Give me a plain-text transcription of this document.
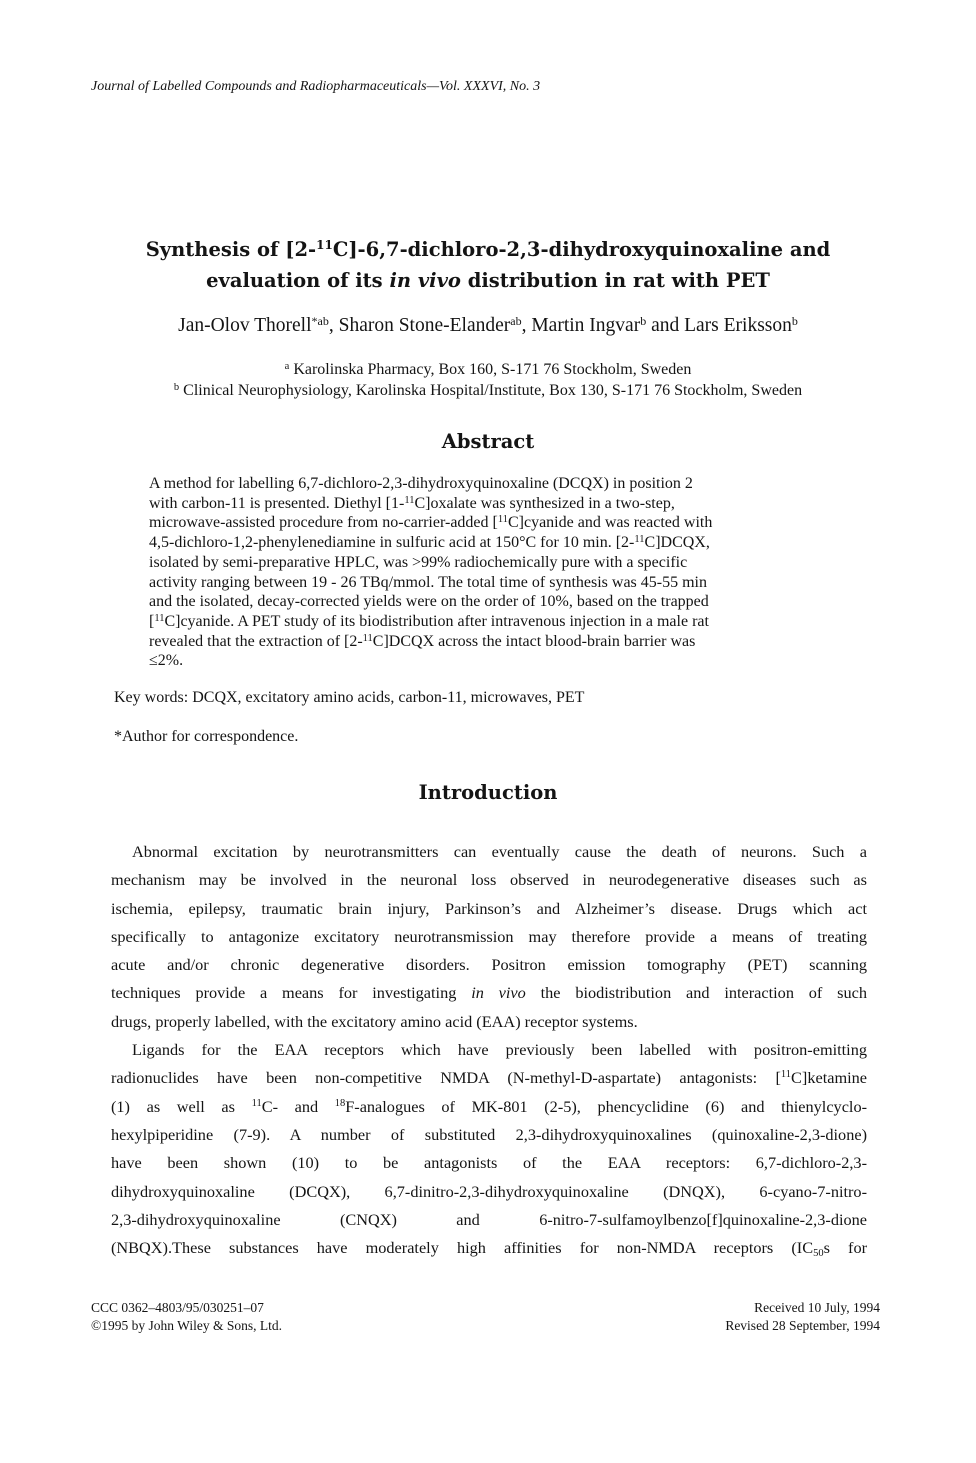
Journal of Labelled Compounds and Radiopharmaceuticals—Vol. XXXVI, No. 3
Synthesis of [2-$^{11}$C]-6,7-dichloro-2,3-dihydroxyquinoxaline and
evaluation of its in vivo distribution in rat with PET
Jan-Olov Thorell$^{*ab}$, Sharon Stone-Elander$^{ab}$, Martin Ingvar$^b$ and Lars Eriksson$^b$
$^a$ Karolinska Pharmacy, Box 160, S-171 76 Stockholm, Sweden
$^b$ Clinical Neurophysiology, Karolinska Hospital/Institute, Box 130, S-171 76 Stockholm, Sweden
Abstract
A method for labelling 6,7-dichloro-2,3-dihydroxyquinoxaline (DCQX) in position 2
with carbon-11 is presented. Diethyl [1-$^{11}$C]oxalate was synthesized in a two-step,
microwave-assisted procedure from no-carrier-added [$^{11}$C]cyanide and was reacted with
4,5-dichloro-1,2-phenylenediamine in sulfuric acid at 150°C for 10 min. [2-$^{11}$C]DCQX,
isolated by semi-preparative HPLC, was >99% radiochemically pure with a specific
activity ranging between 19 - 26 TBq/mmol. The total time of synthesis was 45-55 min
and the isolated, decay-corrected yields were on the order of 10%, based on the trapped
[$^{11}$C]cyanide. A PET study of its biodistribution after intravenous injection in a male rat
revealed that the extraction of [2-$^{11}$C]DCQX across the intact blood-brain barrier was
≤2%.
Key words: DCQX, excitatory amino acids, carbon-11, microwaves, PET
*Author for correspondence.
Introduction
Abnormal excitation by neurotransmitters can eventually cause the death of neurons. Such a
mechanism may be involved in the neuronal loss observed in neurodegenerative diseases such as
ischemia, epilepsy, traumatic brain injury, Parkinson’s and Alzheimer’s disease. Drugs which act
specifically to antagonize excitatory neurotransmission may therefore provide a means of treating
acute and/or chronic degenerative disorders. Positron emission tomography (PET) scanning
techniques provide a means for investigating in vivo the biodistribution and interaction of such
drugs, properly labelled, with the excitatory amino acid (EAA) receptor systems.
Ligands for the EAA receptors which have previously been labelled with positron-emitting
radionuclides have been non-competitive NMDA (N-methyl-D-aspartate) antagonists: [$^{11}$C]ketamine
(1) as well as $^{11}$C- and $^{18}$F-analogues of MK-801 (2-5), phencyclidine (6) and thienylcyclo-
hexylpiperidine (7-9). A number of substituted 2,3-dihydroxyquinoxalines (quinoxaline-2,3-dione)
have been shown (10) to be antagonists of the EAA receptors: 6,7-dichloro-2,3-
dihydroxyquinoxaline (DCQX), 6,7-dinitro-2,3-dihydroxyquinoxaline (DNQX), 6-cyano-7-nitro-
2,3-dihydroxyquinoxaline (CNQX) and 6-nitro-7-sulfamoylbenzo[f]quinoxaline-2,3-dione
(NBQX).These substances have moderately high affinities for non-NMDA receptors ($IC_{50}s$ for
CCC 0362–4803/95/030251–07
©1995 by John Wiley & Sons, Ltd.
Received 10 July, 1994
Revised 28 September, 1994
